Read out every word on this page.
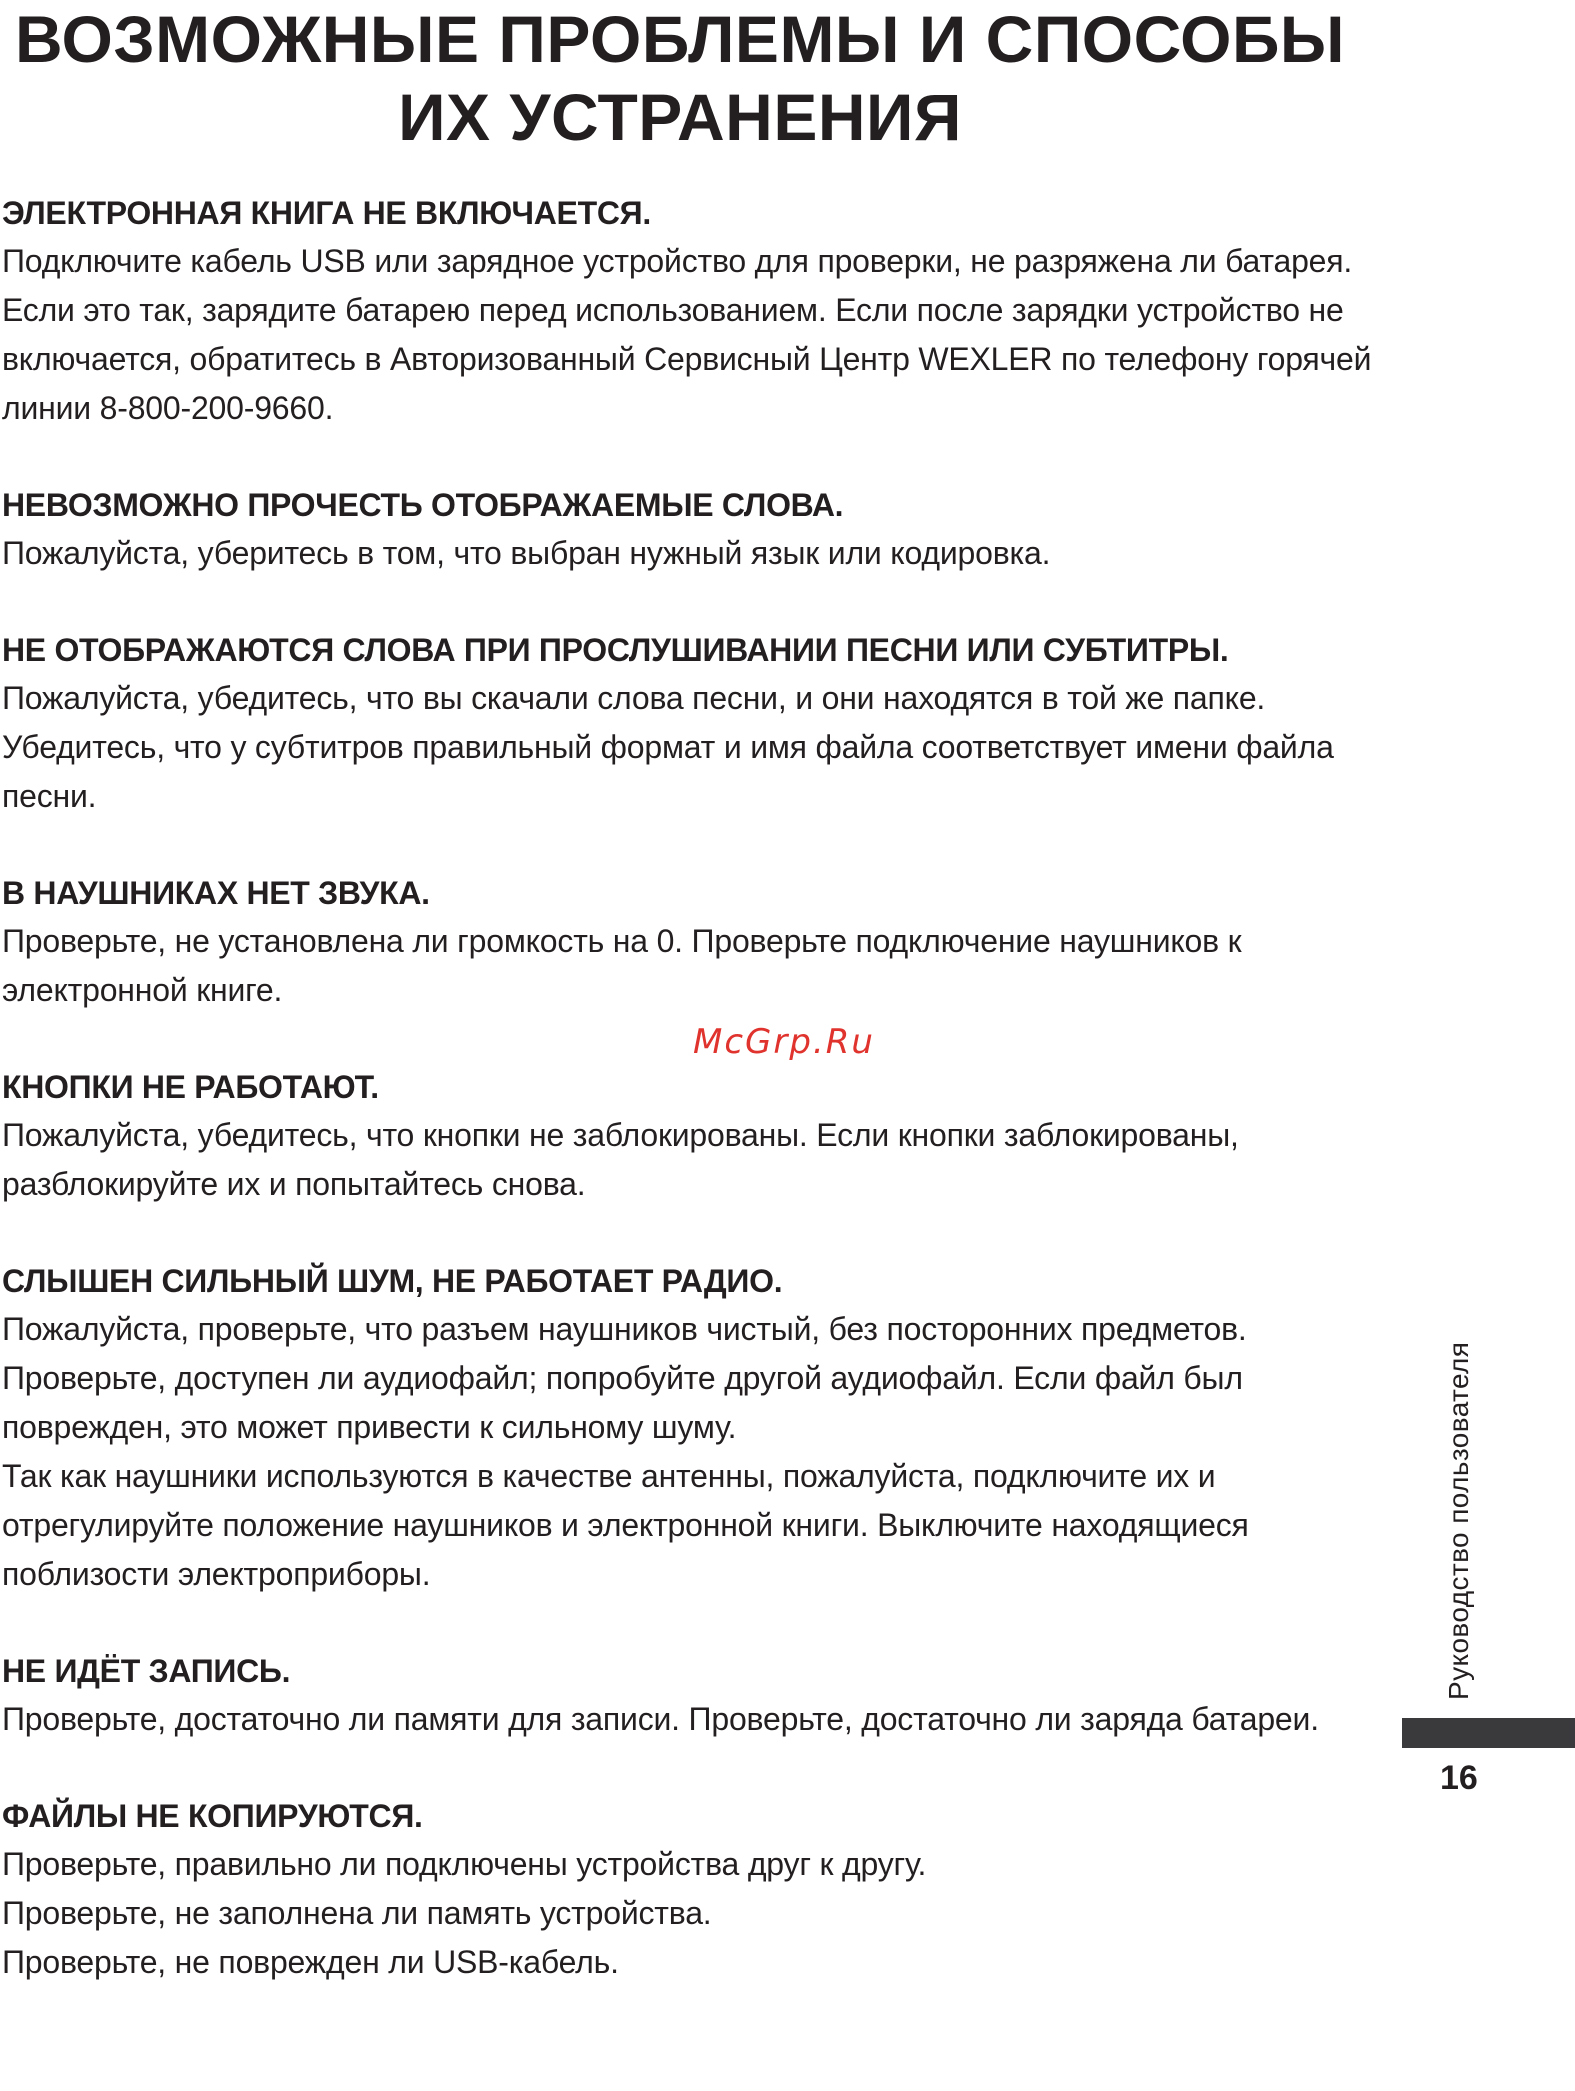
ВОЗМОЖНЫЕ ПРОБЛЕМЫ И СПОСОБЫ
ИХ УСТРАНЕНИЯ

ЭЛЕКТРОННАЯ КНИГА НЕ ВКЛЮЧАЕТСЯ.

Подключите кабель USB или зарядное устройство для проверки, не разряжена ли батарея. Если это так, зарядите батарею перед использованием. Если после зарядки устройство не включается, обратитесь в Авторизованный Сервисный Центр WEXLER по телефону горячей линии 8-800-200-9660.

НЕВОЗМОЖНО ПРОЧЕСТЬ ОТОБРАЖАЕМЫЕ СЛОВА.

Пожалуйста, уберитесь в том, что выбран нужный язык или кодировка.

НЕ ОТОБРАЖАЮТСЯ СЛОВА ПРИ ПРОСЛУШИВАНИИ ПЕСНИ ИЛИ СУБТИТРЫ.

Пожалуйста, убедитесь, что вы скачали слова песни, и они находятся в той же папке. Убедитесь, что у субтитров правильный формат и имя файла соответствует имени файла песни.

В НАУШНИКАХ НЕТ ЗВУКА.

Проверьте, не установлена ли громкость на 0. Проверьте подключение наушников к электронной книге.

КНОПКИ НЕ РАБОТАЮТ.

Пожалуйста, убедитесь, что кнопки не заблокированы. Если кнопки заблокированы, разблокируйте их и попытайтесь снова.

СЛЫШЕН СИЛЬНЫЙ ШУМ, НЕ РАБОТАЕТ РАДИО.

Пожалуйста, проверьте, что разъем наушников чистый, без посторонних предметов.

Проверьте, доступен ли аудиофайл; попробуйте другой аудиофайл. Если файл был поврежден, это может привести к сильному шуму.

Так как наушники используются в качестве антенны, пожалуйста, подключите их и отрегулируйте положение наушников и электронной книги. Выключите находящиеся поблизости электроприборы.

НЕ ИДЁТ ЗАПИСЬ.

Проверьте, достаточно ли памяти для записи. Проверьте, достаточно ли заряда батареи.

ФАЙЛЫ НЕ КОПИРУЮТСЯ.

Проверьте, правильно ли подключены устройства друг к другу.

Проверьте, не заполнена ли память устройства.

Проверьте, не поврежден ли USB-кабель.

McGrp.Ru
Руководство пользователя
16
